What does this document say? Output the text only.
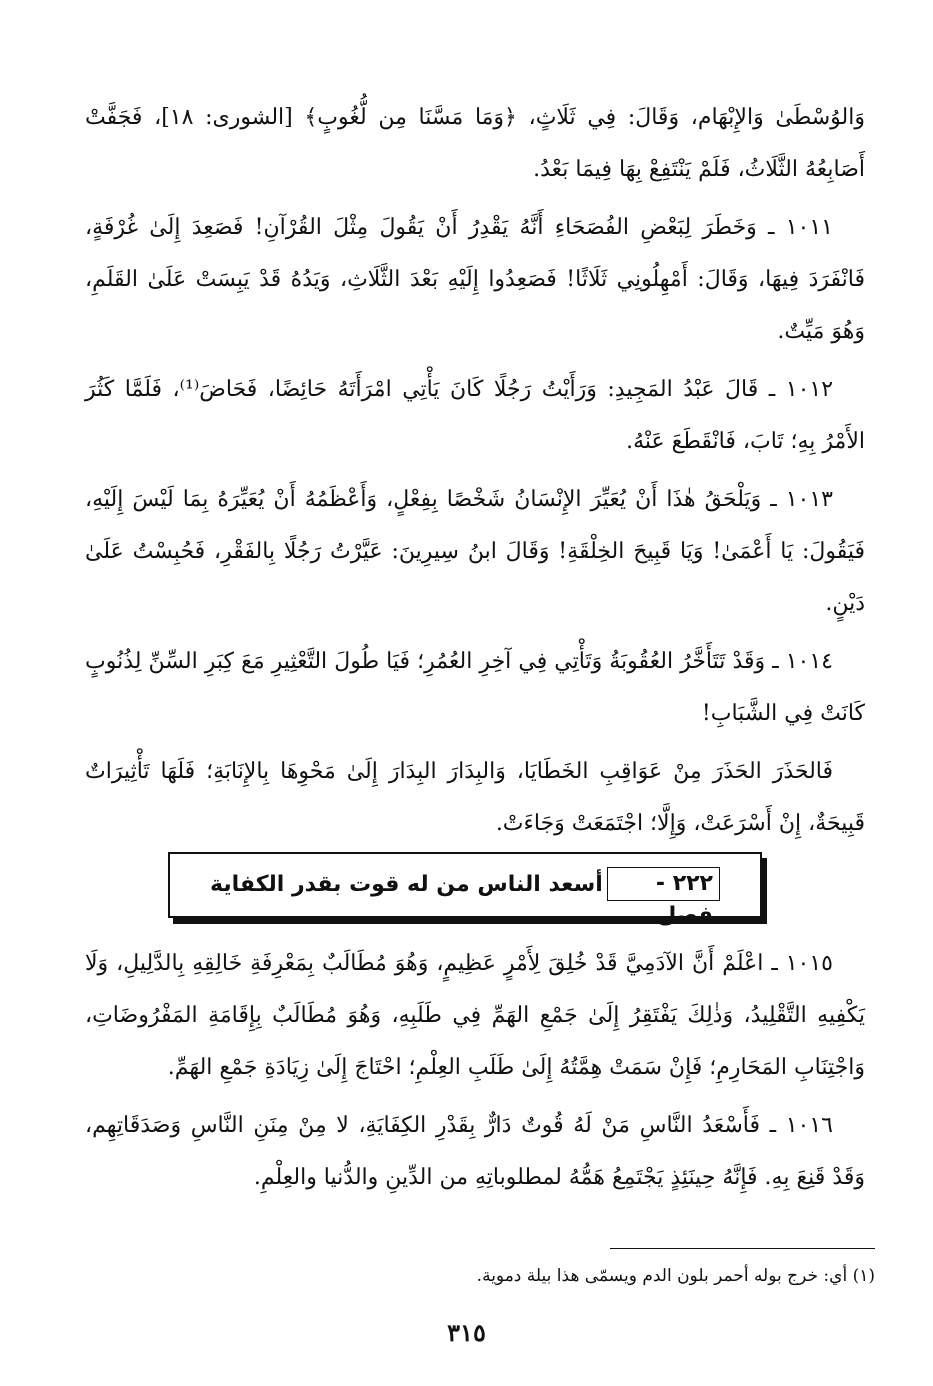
وَالوُسْطَىٰ وَالإِبْهَام، وَقَالَ: فِي ثَلَاثٍ، ﴿وَمَا مَسَّنَا مِن لُّغُوبٍ﴾ [الشورى: ١٨]، فَجَفَّتْ أَصَابِعُهُ الثَّلَاثُ، فَلَمْ يَنْتَفِعْ بِهَا فِيمَا بَعْدُ.

١٠١١ ـ وَخَطَرَ لِبَعْضِ الفُصَحَاءِ أَنَّهُ يَقْدِرُ أَنْ يَقُولَ مِثْلَ القُرْآنِ! فَصَعِدَ إِلَىٰ غُرْفَةٍ، فَانْفَرَدَ فِيهَا، وَقَالَ: أَمْهِلُونِي ثَلَاثًا! فَصَعِدُوا إِلَيْهِ بَعْدَ الثَّلَاثِ، وَيَدُهُ قَدْ يَبِسَتْ عَلَىٰ القَلَمِ، وَهُوَ مَيِّتٌ.

١٠١٢ ـ قَالَ عَبْدُ المَجِيدِ: وَرَأَيْتُ رَجُلًا كَانَ يَأْتِي امْرَأَتَهُ حَائِضًا، فَحَاضَ⁽¹⁾، فَلَمَّا كَثُرَ الأَمْرُ بِهِ؛ تَابَ، فَانْقَطَعَ عَنْهُ.

١٠١٣ ـ وَيَلْحَقُ هٰذَا أَنْ يُعَيِّرَ الإِنْسَانُ شَخْصًا بِفِعْلٍ، وَأَعْظَمُهُ أَنْ يُعَيِّرَهُ بِمَا لَيْسَ إِلَيْهِ، فَيَقُولَ: يَا أَعْمَىٰ! وَيَا قَبِيحَ الخِلْقَةِ! وَقَالَ ابنُ سِيرِينَ: عَيَّرْتُ رَجُلًا بِالفَقْرِ، فَحُبِسْتُ عَلَىٰ دَيْنٍ.

١٠١٤ ـ وَقَدْ تَتَأَخَّرُ العُقُوبَةُ وَتَأْتِي فِي آخِرِ العُمُرِ؛ فَيَا طُولَ التَّعْثِيرِ مَعَ كِبَرِ السِّنِّ لِذُنُوبٍ كَانَتْ فِي الشَّبَابِ!

فَالحَذَرَ الحَذَرَ مِنْ عَوَاقِبِ الخَطَايَا، وَالبِدَارَ البِدَارَ إِلَىٰ مَحْوِهَا بِالإِنَابَةِ؛ فَلَهَا تَأْثِيرَاتٌ قَبِيحَةٌ، إِنْ أَسْرَعَتْ، وَإِلَّا؛ اجْتَمَعَتْ وَجَاءَتْ.

٢٢٢ - فصل
أسعد الناس من له قوت بقدر الكفاية

١٠١٥ ـ اعْلَمْ أَنَّ الآدَمِيَّ قَدْ خُلِقَ لِأَمْرٍ عَظِيمٍ، وَهُوَ مُطَالَبٌ بِمَعْرِفَةِ خَالِقِهِ بِالدَّلِيلِ، وَلَا يَكْفِيهِ التَّقْلِيدُ، وَذٰلِكَ يَفْتَقِرُ إِلَىٰ جَمْعِ الهَمِّ فِي طَلَبِهِ، وَهُوَ مُطَالَبٌ بِإِقَامَةِ المَفْرُوضَاتِ، وَاجْتِنَابِ المَحَارِمِ؛ فَإِنْ سَمَتْ هِمَّتُهُ إِلَىٰ طَلَبِ العِلْمِ؛ احْتَاجَ إِلَىٰ زِيَادَةِ جَمْعِ الهَمِّ.

١٠١٦ ـ فَأَسْعَدُ النَّاسِ مَنْ لَهُ قُوتٌ دَارٌّ بِقَدْرِ الكِفَايَةِ، لا مِنْ مِنَنِ النَّاسِ وَصَدَقَاتِهِم، وَقَدْ قَنِعَ بِهِ. فَإِنَّهُ حِينَئِذٍ يَجْتَمِعُ هَمُّهُ لمطلوباتِهِ من الدِّينِ والدُّنيا والعِلْمِ.

(١) أي: خرج بوله أحمر بلون الدم ويسمّى هذا بيلة دموية.
٣١٥
